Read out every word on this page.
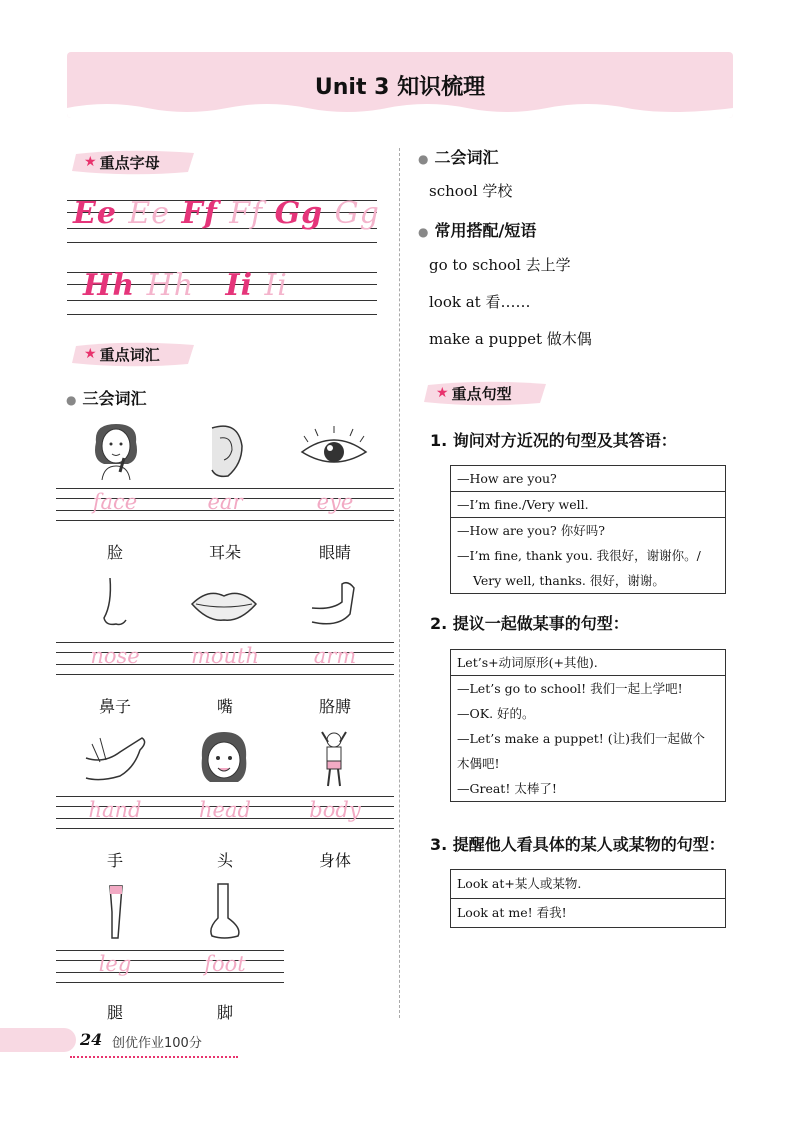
Unit 3 知识梳理
★ 重点字母
Ee Ee Ff Ff Gg Gg
Hh Hh Ii Ii
★ 重点词汇
● 三会词汇
face	ear	eye
脸	耳朵	眼睛
nose	mouth	arm
鼻子	嘴	胳膊
hand	head	body
手	头	身体
leg	foot
腿	脚
● 二会词汇
school 学校
● 常用搭配/短语
go to school 去上学
look at 看……
make a puppet 做木偶
★ 重点句型
1. 询问对方近况的句型及其答语：
—How are you?
—I’m fine./Very well.
—How are you? 你好吗?
—I’m fine, thank you. 我很好，谢谢你。/
Very well, thanks. 很好，谢谢。
2. 提议一起做某事的句型：
Let’s+动词原形(+其他).
—Let’s go to school! 我们一起上学吧!
—OK. 好的。
—Let’s make a puppet! (让)我们一起做个
木偶吧!
—Great! 太棒了!
3. 提醒他人看具体的某人或某物的句型：
Look at+某人或某物.
Look at me! 看我!
24 创优作业100分
